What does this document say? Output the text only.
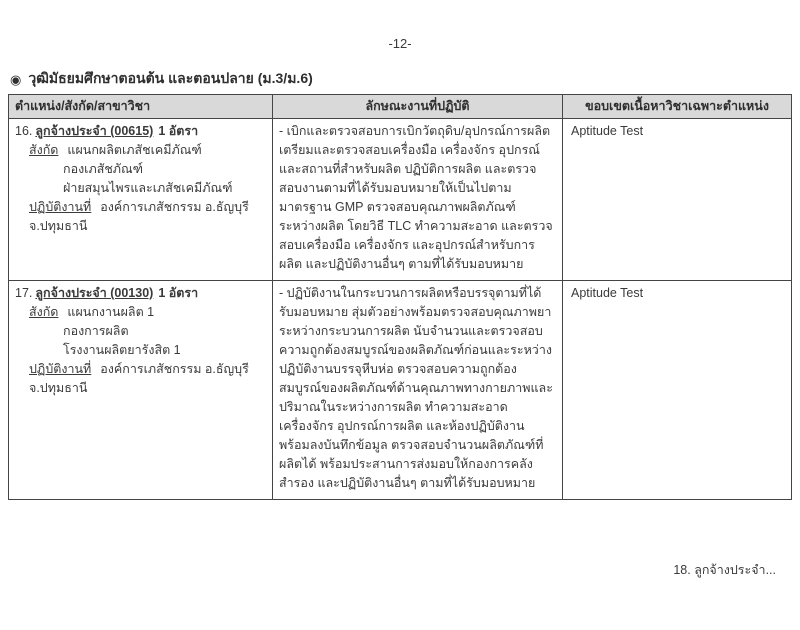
-12-
◉ วุฒิมัธยมศึกษาตอนต้น และตอนปลาย (ม.3/ม.6)
ตำแหน่ง/สังกัด/สาขาวิชา	ลักษณะงานที่ปฏิบัติ	ขอบเขตเนื้อหาวิชาเฉพาะตำแหน่ง

16. ลูกจ้างประจำ (00615) 1 อัตรา
สังกัด แผนกผลิตเภสัชเคมีภัณฑ์
กองเภสัชภัณฑ์
ฝ่ายสมุนไพรและเภสัชเคมีภัณฑ์
ปฏิบัติงานที่ องค์การเภสัชกรรม อ.ธัญบุรี จ.ปทุมธานี
	- เบิกและตรวจสอบการเบิกวัตถุดิบ/อุปกรณ์การผลิต เตรียมและตรวจสอบเครื่องมือ เครื่องจักร อุปกรณ์ และสถานที่สำหรับผลิต ปฏิบัติการผลิต และตรวจสอบงานตามที่ได้รับมอบหมายให้เป็นไปตามมาตรฐาน GMP ตรวจสอบคุณภาพผลิตภัณฑ์ระหว่างผลิต โดยวิธี TLC ทำความสะอาด และตรวจสอบเครื่องมือ เครื่องจักร และอุปกรณ์สำหรับการผลิต และปฏิบัติงานอื่นๆ ตามที่ได้รับมอบหมาย	Aptitude Test

17. ลูกจ้างประจำ (00130) 1 อัตรา
สังกัด แผนกงานผลิต 1
กองการผลิต
โรงงานผลิตยารังสิต 1
ปฏิบัติงานที่ องค์การเภสัชกรรม อ.ธัญบุรี จ.ปทุมธานี
	- ปฏิบัติงานในกระบวนการผลิตหรือบรรจุตามที่ได้รับมอบหมาย สุ่มตัวอย่างพร้อมตรวจสอบคุณภาพยาระหว่างกระบวนการผลิต นับจำนวนและตรวจสอบความถูกต้องสมบูรณ์ของผลิตภัณฑ์ก่อนและระหว่างปฏิบัติงานบรรจุหีบห่อ ตรวจสอบความถูกต้องสมบูรณ์ของผลิตภัณฑ์ด้านคุณภาพทางกายภาพและปริมาณในระหว่างการผลิต ทำความสะอาดเครื่องจักร อุปกรณ์การผลิต และห้องปฏิบัติงาน พร้อมลงบันทึกข้อมูล ตรวจสอบจำนวนผลิตภัณฑ์ที่ผลิตได้ พร้อมประสานการส่งมอบให้กองการคลังสำรอง และปฏิบัติงานอื่นๆ ตามที่ได้รับมอบหมาย	Aptitude Test
18. ลูกจ้างประจำ...
